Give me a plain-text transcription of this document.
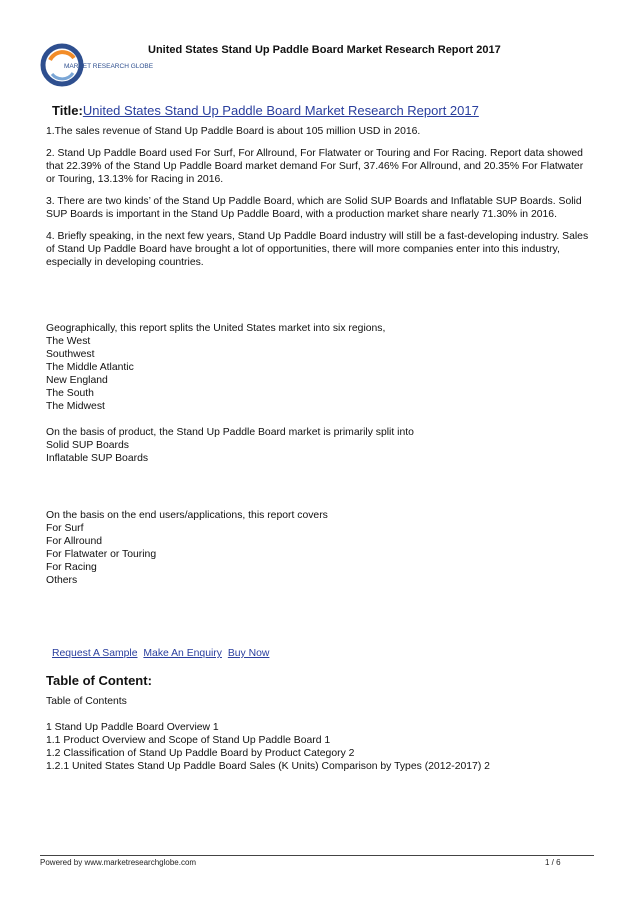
MARKET RESEARCH GLOBE
United States Stand Up Paddle Board Market Research Report 2017
Title:United States Stand Up Paddle Board Market Research Report 2017

1.The sales revenue of Stand Up Paddle Board is about 105 million USD in 2016.

2. Stand Up Paddle Board used For Surf, For Allround, For Flatwater or Touring and For Racing. Report data showed that 22.39% of the Stand Up Paddle Board market demand For Surf, 37.46% For Allround, and 20.35% For Flatwater or Touring, 13.13% for Racing in 2016.

3. There are two kinds’ of the Stand Up Paddle Board, which are Solid SUP Boards and Inflatable SUP Boards. Solid SUP Boards is important in the Stand Up Paddle Board, with a production market share nearly 71.30% in 2016.

4. Briefly speaking, in the next few years, Stand Up Paddle Board industry will still be a fast-developing industry. Sales of Stand Up Paddle Board have brought a lot of opportunities, there will more companies enter into this industry, especially in developing countries.

Geographically, this report splits the United States market into six regions,
The West
Southwest
The Middle Atlantic
New England
The South
The Midwest
On the basis of product, the Stand Up Paddle Board market is primarily split into
Solid SUP Boards
Inflatable SUP Boards
On the basis on the end users/applications, this report covers
For Surf
For Allround
For Flatwater or Touring
For Racing
Others
Request A Sample Make An Enquiry Buy Now
Table of Content:
Table of Contents
1 Stand Up Paddle Board Overview 1
1.1 Product Overview and Scope of Stand Up Paddle Board 1
1.2 Classification of Stand Up Paddle Board by Product Category 2
1.2.1 United States Stand Up Paddle Board Sales (K Units) Comparison by Types (2012-2017) 2
Powered by www.marketresearchglobe.com	1 / 6
